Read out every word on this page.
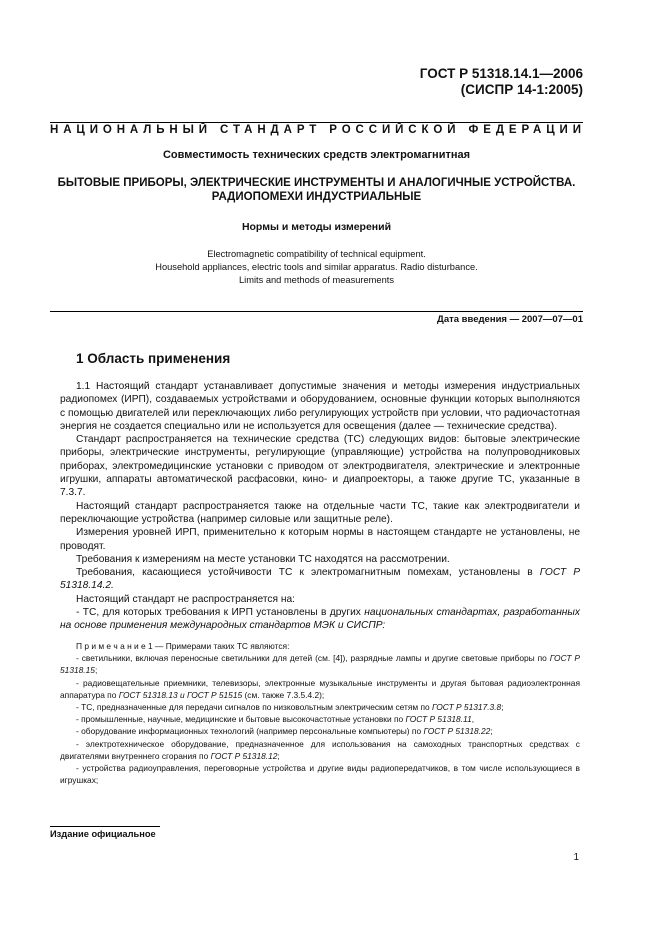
ГОСТ Р 51318.14.1—2006
(СИСПР 14-1:2005)
НАЦИОНАЛЬНЫЙ СТАНДАРТ РОССИЙСКОЙ ФЕДЕРАЦИИ
Совместимость технических средств электромагнитная
БЫТОВЫЕ ПРИБОРЫ, ЭЛЕКТРИЧЕСКИЕ ИНСТРУМЕНТЫ И АНАЛОГИЧНЫЕ УСТРОЙСТВА.
РАДИОПОМЕХИ ИНДУСТРИАЛЬНЫЕ
Нормы и методы измерений
Electromagnetic compatibility of technical equipment.
Household appliances, electric tools and similar apparatus. Radio disturbance.
Limits and methods of measurements
Дата введения — 2007—07—01
1 Область применения

1.1 Настоящий стандарт устанавливает допустимые значения и методы измерения индустриальных радиопомех (ИРП), создаваемых устройствами и оборудованием, основные функции которых выполняются с помощью двигателей или переключающих либо регулирующих устройств при условии, что радиочастотная энергия не создается специально или не используется для освещения (далее — технические средства).

Стандарт распространяется на технические средства (ТС) следующих видов: бытовые электрические приборы, электрические инструменты, регулирующие (управляющие) устройства на полупроводниковых приборах, электромедицинские установки с приводом от электродвигателя, электрические и электронные игрушки, аппараты автоматической расфасовки, кино- и диапроекторы, а также другие ТС, указанные в 7.3.7.

Настоящий стандарт распространяется также на отдельные части ТС, такие как электродвигатели и переключающие устройства (например силовые или защитные реле).

Измерения уровней ИРП, применительно к которым нормы в настоящем стандарте не установлены, не проводят.

Требования к измерениям на месте установки ТС находятся на рассмотрении.

Требования, касающиеся устойчивости ТС к электромагнитным помехам, установлены в ГОСТ Р 51318.14.2.

Настоящий стандарт не распространяется на:

- ТС, для которых требования к ИРП установлены в других национальных стандартах, разработанных на основе применения международных стандартов МЭК и СИСПР:

П р и м е ч а н и е 1 — Примерами таких ТС являются:

- светильники, включая переносные светильники для детей (см. [4]), разрядные лампы и другие световые приборы по ГОСТ Р 51318.15;

- радиовещательные приемники, телевизоры, электронные музыкальные инструменты и другая бытовая радиоэлектронная аппаратура по ГОСТ 51318.13 и ГОСТ Р 51515 (см. также 7.3.5.4.2);

- ТС, предназначенные для передачи сигналов по низковольтным электрическим сетям по ГОСТ Р 51317.3.8;

- промышленные, научные, медицинские и бытовые высокочастотные установки по ГОСТ Р 51318.11,

- оборудование информационных технологий (например персональные компьютеры) по ГОСТ Р 51318.22;

- электротехническое оборудование, предназначенное для использования на самоходных транспортных средствах с двигателями внутреннего сгорания по ГОСТ Р 51318.12;

- устройства радиоуправления, переговорные устройства и другие виды радиопередатчиков, в том числе использующиеся в игрушках;

Издание официальное
1
